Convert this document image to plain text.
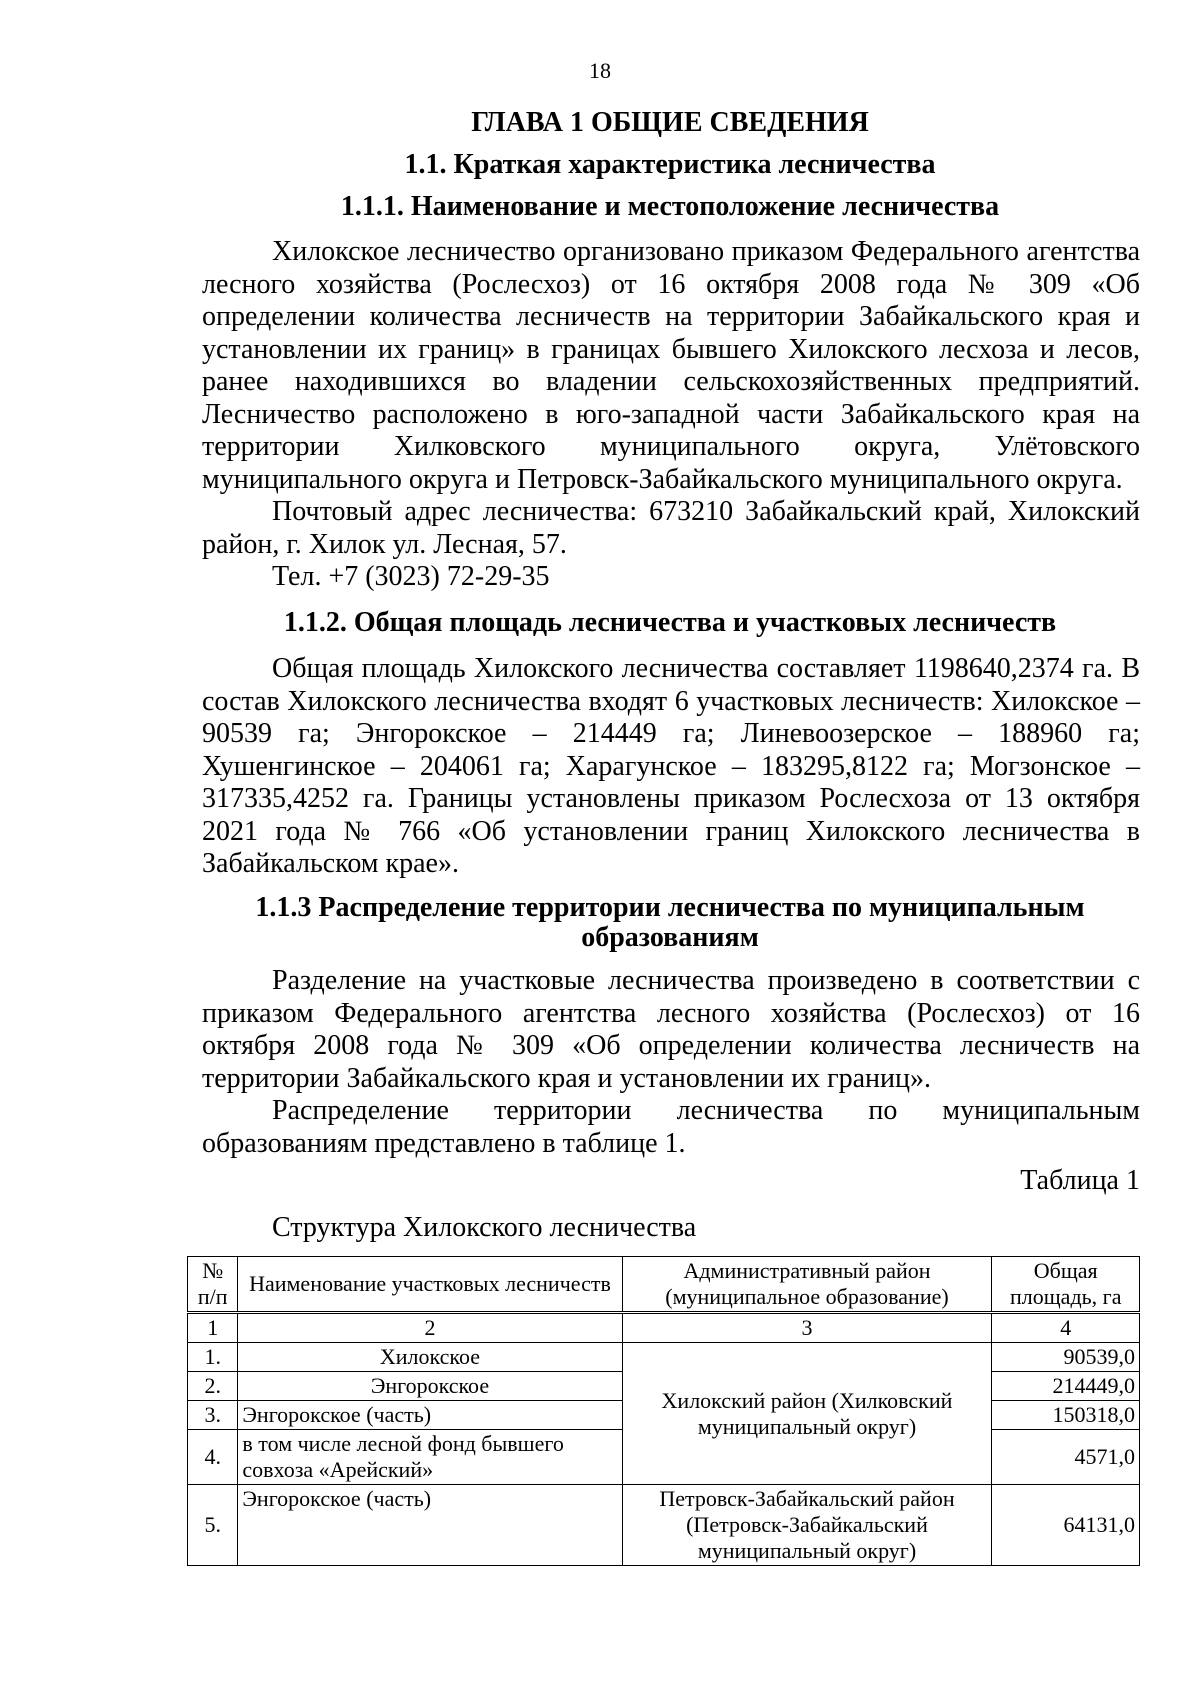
18
ГЛАВА 1 ОБЩИЕ СВЕДЕНИЯ
1.1. Краткая характеристика лесничества
1.1.1. Наименование и местоположение лесничества

Хилокское лесничество организовано приказом Федерального агентства лесного хозяйства (Рослесхоз) от 16 октября 2008 года № 309 «Об определении количества лесничеств на территории Забайкальского края и установлении их границ» в границах бывшего Хилокского лесхоза и лесов, ранее находившихся во владении сельскохозяйственных предприятий. Лесничество расположено в юго-западной части Забайкальского края на территории Хилковского муниципального округа, Улётовского муниципального округа и Петровск-Забайкальского муниципального округа.

Почтовый адрес лесничества: 673210 Забайкальский край, Хилокский район, г. Хилок ул. Лесная, 57.

Тел. +7 (3023) 72-29-35

1.1.2. Общая площадь лесничества и участковых лесничеств

Общая площадь Хилокского лесничества составляет 1198640,2374 га. В состав Хилокского лесничества входят 6 участковых лесничеств: Хилокское – 90539 га; Энгорокское – 214449 га; Линевоозерское – 188960 га; Хушенгинское – 204061 га; Харагунское – 183295,8122 га; Могзонское – 317335,4252 га. Границы установлены приказом Рослесхоза от 13 октября 2021 года № 766 «Об установлении границ Хилокского лесничества в Забайкальском крае».

1.1.3 Распределение территории лесничества по муниципальным образованиям

Разделение на участковые лесничества произведено в соответствии с приказом Федерального агентства лесного хозяйства (Рослесхоз) от 16 октября 2008 года № 309 «Об определении количества лесничеств на территории Забайкальского края и установлении их границ».

Распределение территории лесничества по муниципальным образованиям представлено в таблице 1.

Таблица 1
Структура Хилокского лесничества
№ п/п	Наименование участковых лесничеств	Административный район (муниципальное образование)	Общая площадь, га
1	2	3	4
1.	Хилокское	Хилокский район (Хилковский муниципальный округ)	90539,0
2.	Энгорокское		214449,0
3.	Энгорокское (часть)		150318,0
4.	в том числе лесной фонд бывшего совхоза «Арейский»		4571,0
5.	Энгорокское (часть)	Петровск-Забайкальский район (Петровск-Забайкальский муниципальный округ)	64131,0
